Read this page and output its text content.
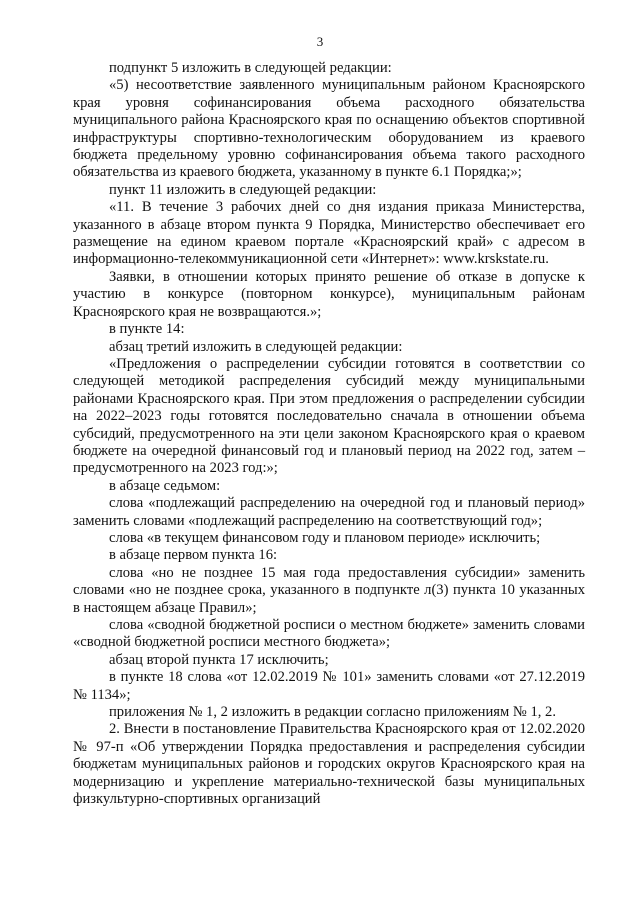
3

подпункт 5 изложить в следующей редакции:

«5) несоответствие заявленного муниципальным районом Красноярского края уровня софинансирования объема расходного обязательства муниципального района Красноярского края по оснащению объектов спортивной инфраструктуры спортивно-технологическим оборудованием из краевого бюджета предельному уровню софинансирования объема такого расходного обязательства из краевого бюджета, указанному в пункте 6.1 Порядка;»;

пункт 11 изложить в следующей редакции:

«11. В течение 3 рабочих дней со дня издания приказа Министерства, указанного в абзаце втором пункта 9 Порядка, Министерство обеспечивает его размещение на едином краевом портале «Красноярский край» с адресом в информационно-телекоммуникационной сети «Интернет»: www.krskstate.ru.

Заявки, в отношении которых принято решение об отказе в допуске к участию в конкурсе (повторном конкурсе), муниципальным районам Красноярского края не возвращаются.»;

в пункте 14:

абзац третий изложить в следующей редакции:

«Предложения о распределении субсидии готовятся в соответствии со следующей методикой распределения субсидий между муниципальными районами Красноярского края. При этом предложения о распределении субсидии на 2022–2023 годы готовятся последовательно сначала в отношении объема субсидий, предусмотренного на эти цели законом Красноярского края о краевом бюджете на очередной финансовый год и плановый период на 2022 год, затем – предусмотренного на 2023 год:»;

в абзаце седьмом:

слова «подлежащий распределению на очередной год и плановый период» заменить словами «подлежащий распределению на соответствующий год»;

слова «в текущем финансовом году и плановом периоде» исключить;

в абзаце первом пункта 16:

слова «но не позднее 15 мая года предоставления субсидии» заменить словами «но не позднее срока, указанного в подпункте л(3) пункта 10 указанных в настоящем абзаце Правил»;

слова «сводной бюджетной росписи о местном бюджете» заменить словами «сводной бюджетной росписи местного бюджета»;

абзац второй пункта 17 исключить;

в пункте 18 слова «от 12.02.2019 № 101» заменить словами «от 27.12.2019 № 1134»;

приложения № 1, 2 изложить в редакции согласно приложениям № 1, 2.

2. Внести в постановление Правительства Красноярского края от 12.02.2020 № 97-п «Об утверждении Порядка предоставления и распределения субсидии бюджетам муниципальных районов и городских округов Красноярского края на модернизацию и укрепление материально-технической базы муниципальных физкультурно-спортивных организаций
